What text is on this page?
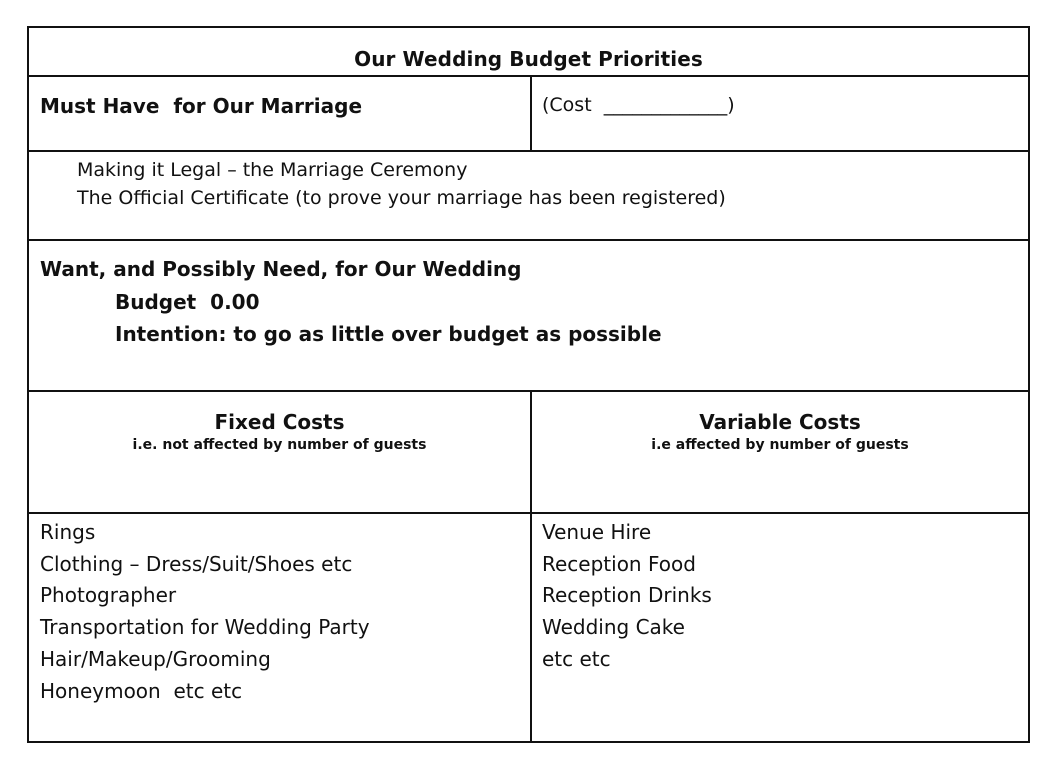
Our Wedding Budget Priorities
Must Have  for Our Marriage	(Cost  _____________)
Making it Legal – the Marriage Ceremony
The Official Certificate (to prove your marriage has been registered)
Want, and Possibly Need, for Our Wedding
Budget  0.00
Intention: to go as little over budget as possible
Fixed Costs
i.e. not affected by number of guests
Variable Costs
i.e affected by number of guests
Rings
Clothing – Dress/Suit/Shoes etc
Photographer
Transportation for Wedding Party
Hair/Makeup/Grooming
Honeymoon  etc etc
Venue Hire
Reception Food
Reception Drinks
Wedding Cake
etc etc
